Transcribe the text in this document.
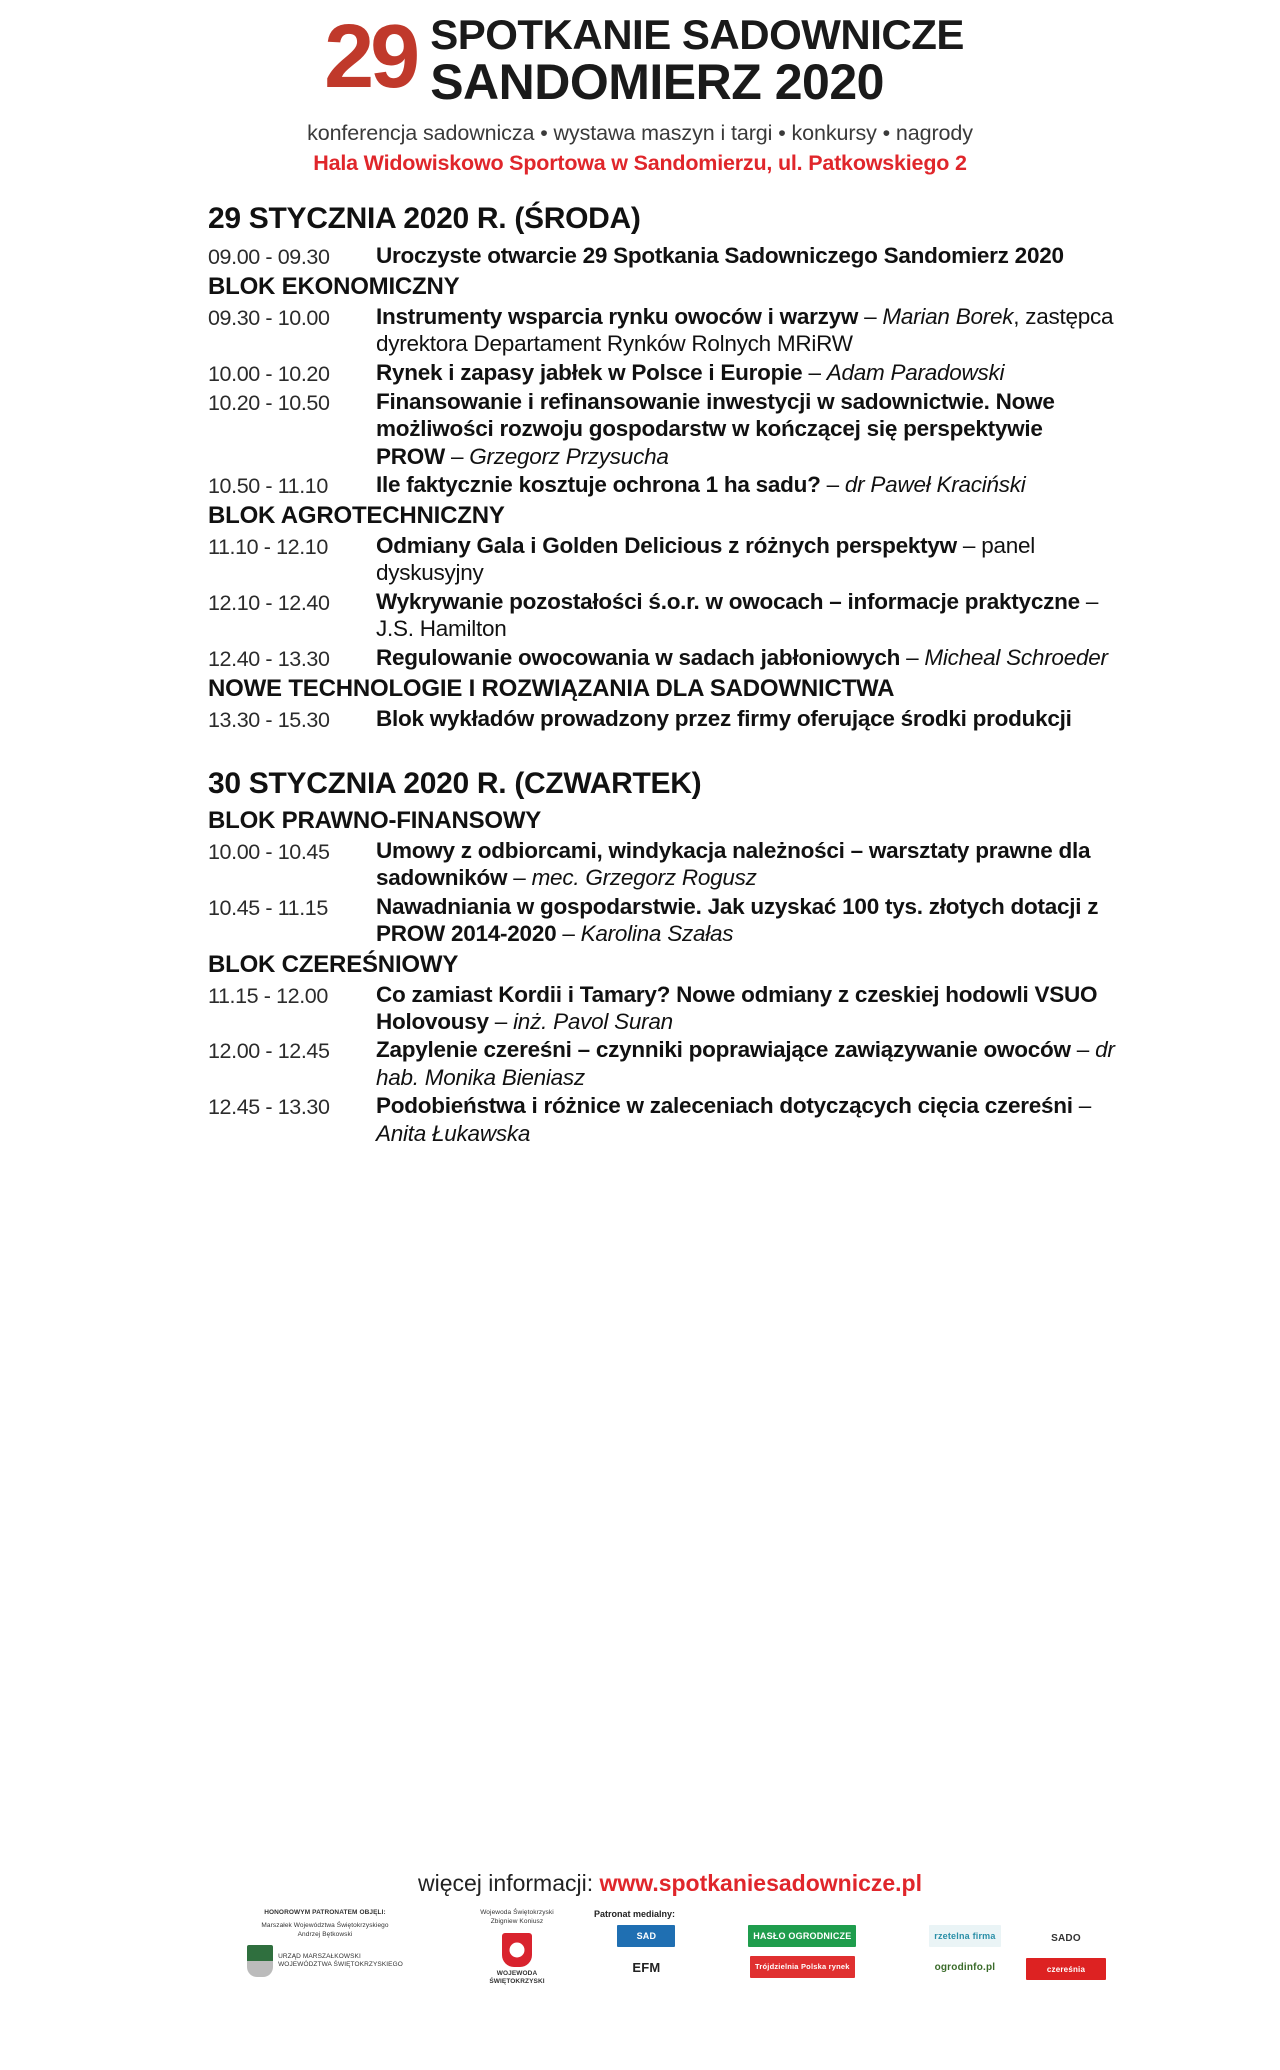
29 SPOTKANIE SADOWNICZE
SANDOMIERZ 2020
konferencja sadownicza • wystawa maszyn i targi • konkursy • nagrody
Hala Widowiskowo Sportowa w Sandomierzu, ul. Patkowskiego 2
29 STYCZNIA 2020 R. (ŚRODA)
09.00 - 09.30	Uroczyste otwarcie 29 Spotkania Sadowniczego Sandomierz 2020
BLOK EKONOMICZNY
09.30 - 10.00	Instrumenty wsparcia rynku owoców i warzyw – Marian Borek, zastępca dyrektora Departament Rynków Rolnych MRiRW
10.00 - 10.20	Rynek i zapasy jabłek w Polsce i Europie – Adam Paradowski
10.20 - 10.50	Finansowanie i refinansowanie inwestycji w sadownictwie. Nowe możliwości rozwoju gospodarstw w kończącej się perspektywie PROW – Grzegorz Przysucha
10.50 - 11.10	Ile faktycznie kosztuje ochrona 1 ha sadu? – dr Paweł Kraciński
BLOK AGROTECHNICZNY
11.10 - 12.10	Odmiany Gala i Golden Delicious z różnych perspektyw – panel dyskusyjny
12.10 - 12.40	Wykrywanie pozostałości ś.o.r. w owocach – informacje praktyczne – J.S. Hamilton
12.40 - 13.30	Regulowanie owocowania w sadach jabłoniowych – Micheal Schroeder
NOWE TECHNOLOGIE I ROZWIĄZANIA DLA SADOWNICTWA
13.30 - 15.30	Blok wykładów prowadzony przez firmy oferujące środki produkcji
30 STYCZNIA 2020 R. (CZWARTEK)
BLOK PRAWNO-FINANSOWY
10.00 - 10.45	Umowy z odbiorcami, windykacja należności – warsztaty prawne dla sadowników – mec. Grzegorz Rogusz
10.45 - 11.15	Nawadniania w gospodarstwie. Jak uzyskać 100 tys. złotych dotacji z PROW 2014-2020 – Karolina Szałas
BLOK CZEREŚNIOWY
11.15 - 12.00	Co zamiast Kordii i Tamary? Nowe odmiany z czeskiej hodowli VSUO Holovousy – inż. Pavol Suran
12.00 - 12.45	Zapylenie czereśni – czynniki poprawiające zawiązywanie owoców – dr hab. Monika Bieniasz
12.45 - 13.30	Podobieństwa i różnice w zaleceniach dotyczących cięcia czereśni – Anita Łukawska
więcej informacji: www.spotkaniesadownicze.pl
HONOROWYM PATRONATEM OBJĘLI:
Marszałek Województwa Świętokrzyskiego
Andrzej Bętkowski
URZĄD MARSZAŁKOWSKI
WOJEWÓDZTWA ŚWIĘTOKRZYSKIEGO
Wojewoda Świętokrzyski
Zbigniew Koniusz
WOJEWODA
ŚWIĘTOKRZYSKI
Patronat medialny:
SAD	HASŁO OGRODNICZE	rzetelna firma
EFM	Trójdzielnia Polska rynek	ogrodinfo.pl
SADO
czereśnia
